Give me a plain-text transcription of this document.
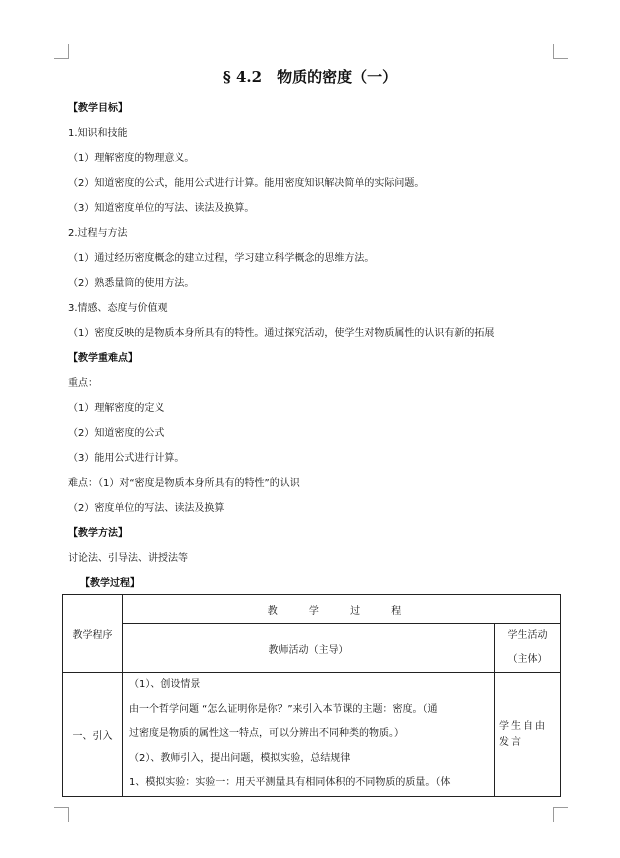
§ 4.2　物质的密度（一）
【教学目标】
1.知识和技能
（1）理解密度的物理意义。
（2）知道密度的公式，能用公式进行计算。能用密度知识解决简单的实际问题。
（3）知道密度单位的写法、读法及换算。
2.过程与方法
（1）通过经历密度概念的建立过程，学习建立科学概念的思维方法。
（2）熟悉量筒的使用方法。
3.情感、态度与价值观
（1）密度反映的是物质本身所具有的特性。通过探究活动，使学生对物质属性的认识有新的拓展
【教学重难点】
重点：
（1）理解密度的定义
（2）知道密度的公式
（3）能用公式进行计算。
难点：（1）对“密度是物质本身所具有的特性”的认识
（2）密度单位的写法、读法及换算
【教学方法】
讨论法、引导法、讲授法等
【教学过程】
教学程序	教 学 过 程	
	教师活动（主导）	学生活动
（主体）

一、引入	（1）、创设情景

由一个哲学问题 “怎么证明你是你？”来引入本节课的主题：密度。（通

过密度是物质的属性这一特点，可以分辨出不同种类的物质。）

（2）、教师引入，提出问题，模拟实验，总结规律

1、模拟实验：实验一：用天平测量具有相同体积的不同物质的质量。（体	学生自由发言
